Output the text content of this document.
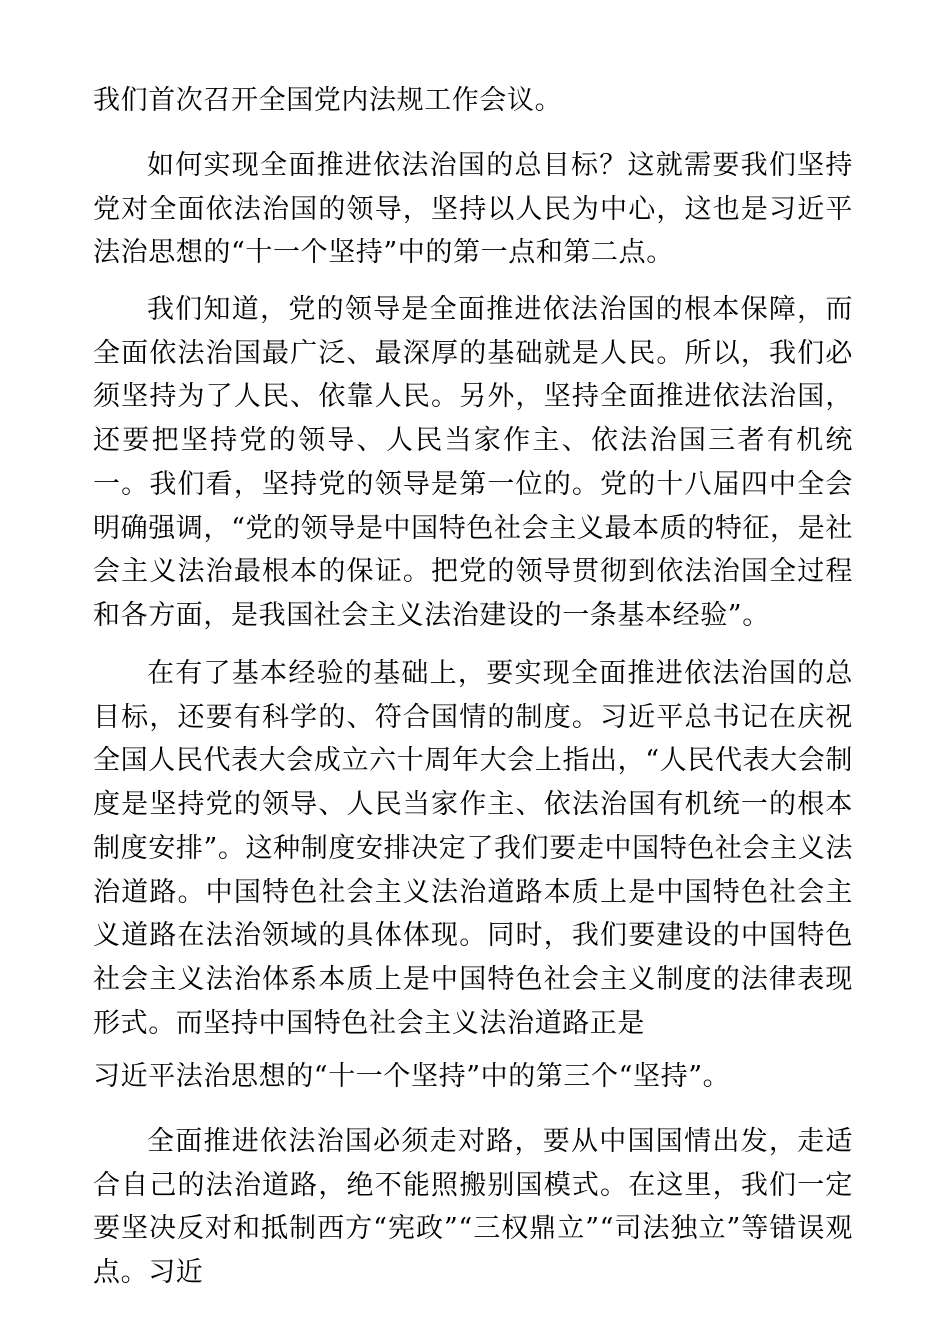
我们首次召开全国党内法规工作会议。

如何实现全面推进依法治国的总目标？这就需要我们坚持党对全面依法治国的领导，坚持以人民为中心，这也是习近平法治思想的“十一个坚持”中的第一点和第二点。

我们知道，党的领导是全面推进依法治国的根本保障，而全面依法治国最广泛、最深厚的基础就是人民。所以，我们必须坚持为了人民、依靠人民。另外，坚持全面推进依法治国，还要把坚持党的领导、人民当家作主、依法治国三者有机统一。我们看，坚持党的领导是第一位的。党的十八届四中全会明确强调，“党的领导是中国特色社会主义最本质的特征，是社会主义法治最根本的保证。把党的领导贯彻到依法治国全过程和各方面，是我国社会主义法治建设的一条基本经验”。

在有了基本经验的基础上，要实现全面推进依法治国的总目标，还要有科学的、符合国情的制度。习近平总书记在庆祝全国人民代表大会成立六十周年大会上指出，“人民代表大会制度是坚持党的领导、人民当家作主、依法治国有机统一的根本制度安排”。这种制度安排决定了我们要走中国特色社会主义法治道路。中国特色社会主义法治道路本质上是中国特色社会主义道路在法治领域的具体体现。同时，我们要建设的中国特色社会主义法治体系本质上是中国特色社会主义制度的法律表现形式。而坚持中国特色社会主义法治道路正是

习近平法治思想的“十一个坚持”中的第三个“坚持”。

全面推进依法治国必须走对路，要从中国国情出发，走适合自己的法治道路，绝不能照搬别国模式。在这里，我们一定要坚决反对和抵制西方“宪政”“三权鼎立”“司法独立”等错误观点。习近
